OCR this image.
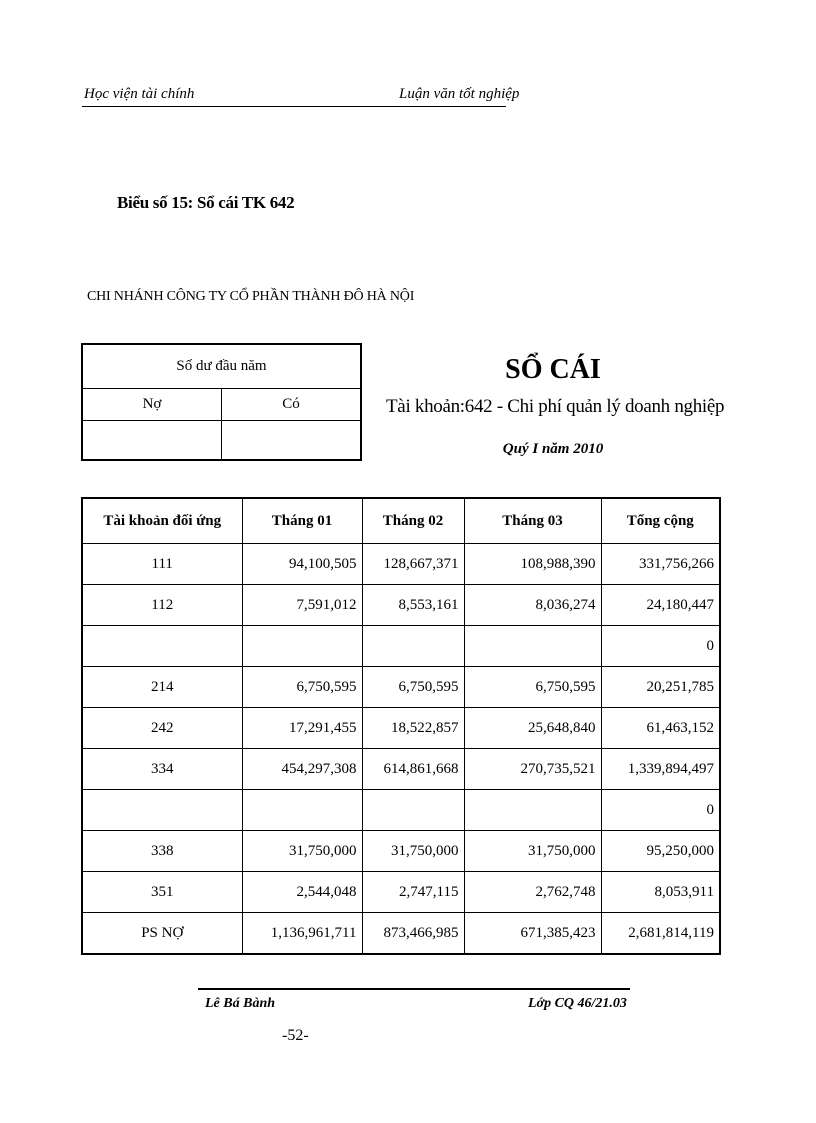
Học viện tài chính	Luận văn tốt nghiệp
Biểu số 15: Sổ cái TK 642
CHI NHÁNH CÔNG TY CỔ PHẦN THÀNH ĐÔ HÀ NỘI
Số dư đầu năm	
Nợ	Có

SỔ CÁI
Tài khoản:642 - Chi phí quản lý doanh nghiệp
Quý I năm 2010
Tài khoản đối ứng	Tháng 01	Tháng 02	Tháng 03	Tổng cộng
111	94,100,505	128,667,371	108,988,390	331,756,266
112	7,591,012	8,553,161	8,036,274	24,180,447
				0
214	6,750,595	6,750,595	6,750,595	20,251,785
242	17,291,455	18,522,857	25,648,840	61,463,152
334	454,297,308	614,861,668	270,735,521	1,339,894,497
				0
338	31,750,000	31,750,000	31,750,000	95,250,000
351	2,544,048	2,747,115	2,762,748	8,053,911
PS NỢ	1,136,961,711	873,466,985	671,385,423	2,681,814,119
Lê Bá Bành	Lớp CQ 46/21.03
-52-
